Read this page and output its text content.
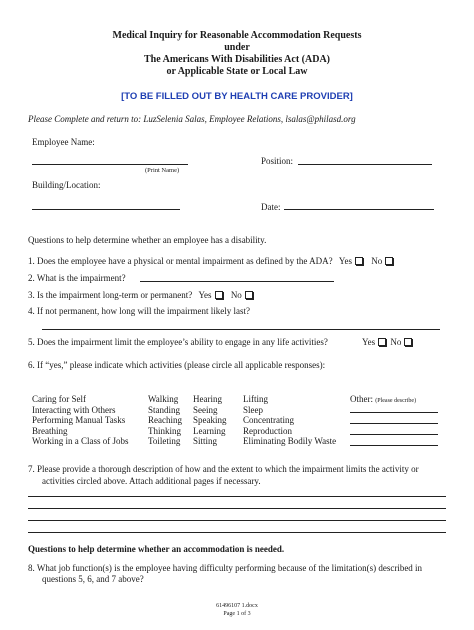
Medical Inquiry for Reasonable Accommodation Requests
under
The Americans With Disabilities Act (ADA)
or Applicable State or Local Law
[TO BE FILLED OUT BY HEALTH CARE PROVIDER]
Please Complete and return to: LuzSelenia Salas, Employee Relations, lsalas@philasd.org
Employee Name:
(Print Name)
Position:
Building/Location:
Date:
Questions to help determine whether an employee has a disability.
1. Does the employee have a physical or mental impairment as defined by the ADA? Yes No
2. What is the impairment?
3. Is the impairment long-term or permanent? Yes No
4. If not permanent, how long will the impairment likely last?
5. Does the impairment limit the employee’s ability to engage in any life activities?	Yes No
6. If “yes,” please indicate which activities (please circle all applicable responses):
Caring for Self
Interacting with Others
Performing Manual Tasks
Breathing
Working in a Class of Jobs
Walking
Standing
Reaching
Thinking
Toileting
Hearing
Seeing
Speaking
Learning
Sitting
Lifting
Sleep
Concentrating
Reproduction
Eliminating Bodily Waste
Other: (Please describe)
7. Please provide a thorough description of how and the extent to which the impairment limits the activity or
activities circled above. Attach additional pages if necessary.
Questions to help determine whether an accommodation is needed.
8. What job function(s) is the employee having difficulty performing because of the limitation(s) described in
questions 5, 6, and 7 above?
61496107 1.docx
Page 1 of 3
